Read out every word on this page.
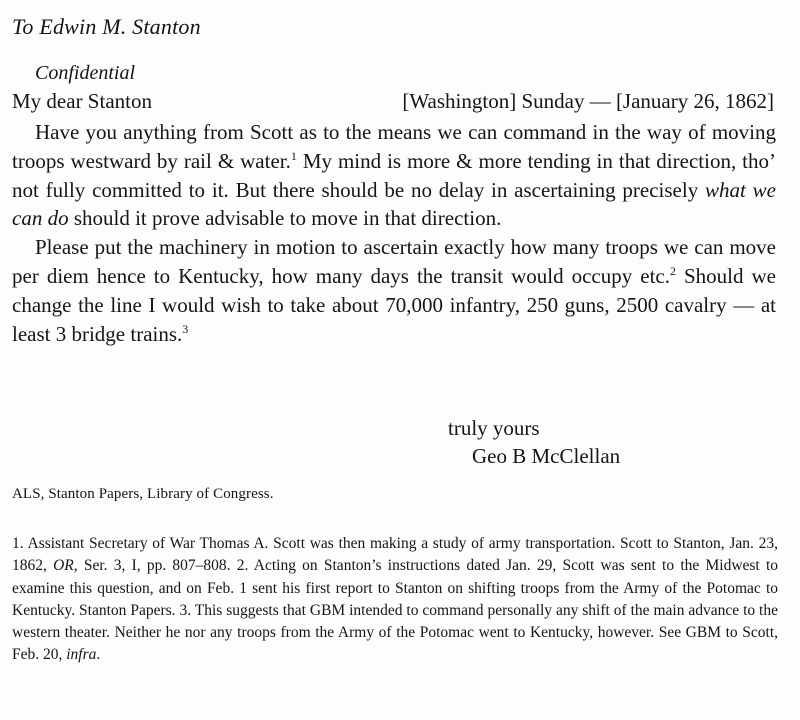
To Edwin M. Stanton
Confidential
My dear Stanton	[Washington] Sunday — [January 26, 1862]

Have you anything from Scott as to the means we can command in the way of moving troops westward by rail & water.$^1$ My mind is more & more tending in that direction, tho’ not fully committed to it. But there should be no delay in ascertaining precisely what we can do should it prove advisable to move in that direction.

Please put the machinery in motion to ascertain exactly how many troops we can move per diem hence to Kentucky, how many days the transit would occupy etc.$^2$ Should we change the line I would wish to take about 70,000 infantry, 250 guns, 2500 cavalry — at least 3 bridge trains.$^3$

truly yours
Geo B McClellan
ALS, Stanton Papers, Library of Congress.

1. Assistant Secretary of War Thomas A. Scott was then making a study of army transportation. Scott to Stanton, Jan. 23, 1862, OR, Ser. 3, I, pp. 807–808. 2. Acting on Stanton’s instructions dated Jan. 29, Scott was sent to the Midwest to examine this question, and on Feb. 1 sent his first report to Stanton on shifting troops from the Army of the Potomac to Kentucky. Stanton Papers. 3. This suggests that GBM intended to command personally any shift of the main advance to the western theater. Neither he nor any troops from the Army of the Potomac went to Kentucky, however. See GBM to Scott, Feb. 20, infra.
